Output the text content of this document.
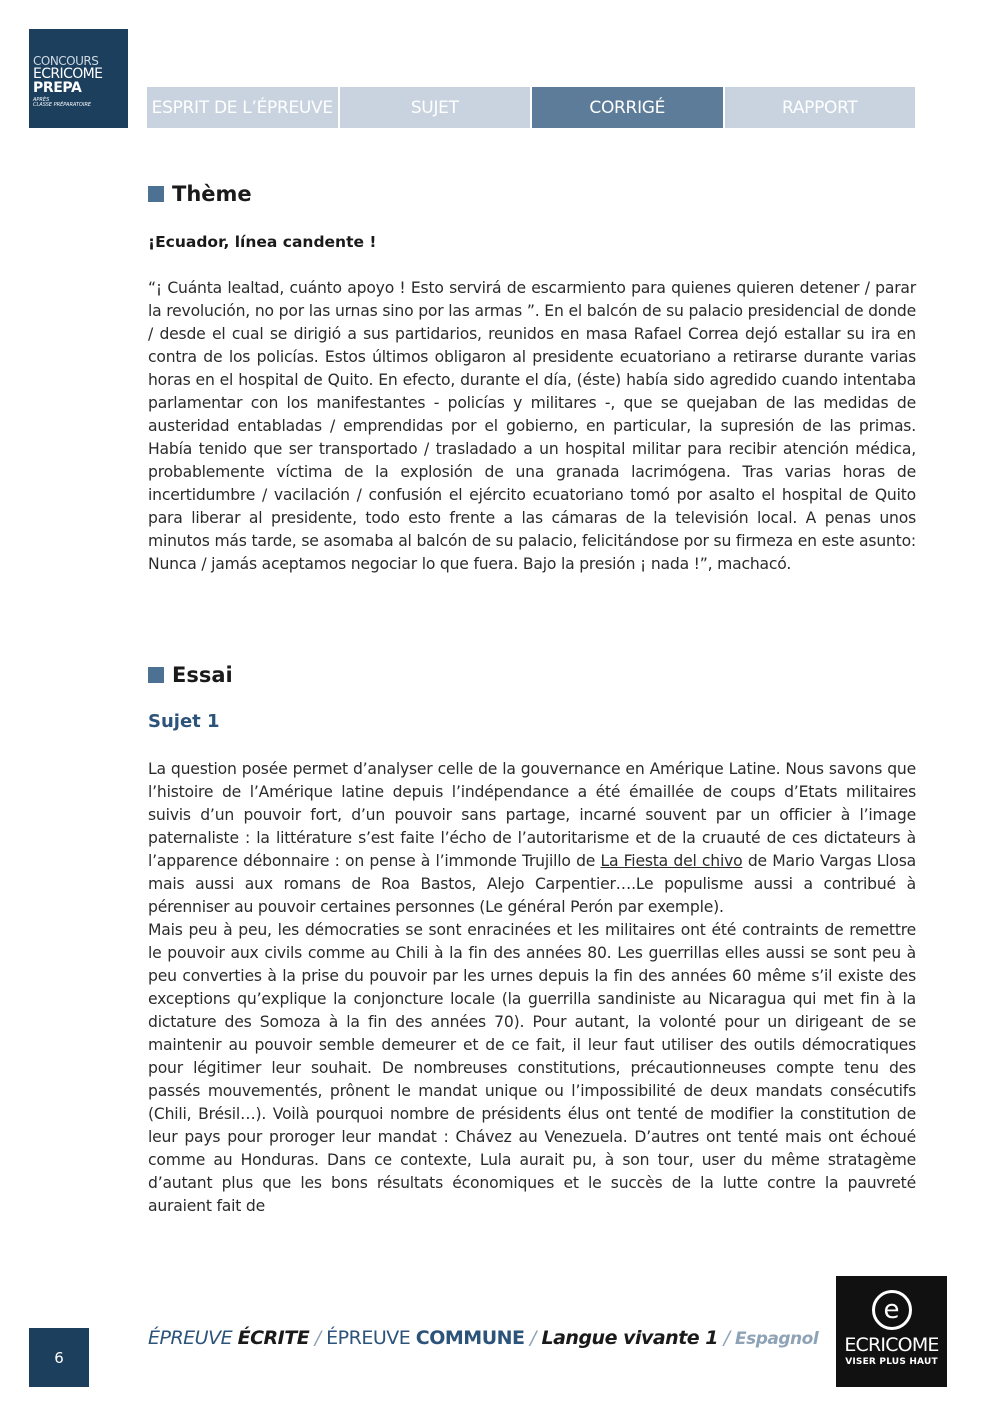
CONCOURS
ECRICOME
PREPA
APRÈS
CLASSE PRÉPARATOIRE	ESPRIT DE L’ÉPREUVE	SUJET	CORRIGÉ	RAPPORT
Thème
¡Ecuador, línea candente !

“¡ Cuánta lealtad, cuánto apoyo ! Esto servirá de escarmiento para quienes quieren detener / parar la revolución, no por las urnas sino por las armas ”. En el balcón de su palacio presidencial de donde / desde el cual se dirigió a sus partidarios, reunidos en masa Rafael Correa dejó estallar su ira en contra de los policías. Estos últimos obligaron al presidente ecuatoriano a retirarse durante varias horas en el hospital de Quito. En efecto, durante el día, (éste) había sido agredido cuando intentaba parlamentar con los manifestantes - policías y militares -, que se quejaban de las medidas de austeridad entabladas / emprendidas por el gobierno, en particular, la supresión de las primas. Había tenido que ser transportado / trasladado a un hospital militar para recibir atención médica, probablemente víctima de la explosión de una granada lacrimógena. Tras varias horas de incertidumbre / vacilación / confusión el ejército ecuatoriano tomó por asalto el hospital de Quito para liberar al presidente, todo esto frente a las cámaras de la televisión local. A penas unos minutos más tarde, se asomaba al balcón de su palacio, felicitándose por su firmeza en este asunto: Nunca / jamás aceptamos negociar lo que fuera. Bajo la presión ¡ nada !”, machacó.

Essai
Sujet 1

La question posée permet d’analyser celle de la gouvernance en Amérique Latine. Nous savons que l’histoire de l’Amérique latine depuis l’indépendance a été émaillée de coups d’Etats militaires suivis d’un pouvoir fort, d’un pouvoir sans partage, incarné souvent par un officier à l’image paternaliste : la littérature s’est faite l’écho de l’autoritarisme et de la cruauté de ces dictateurs à l’apparence débonnaire : on pense à l’immonde Trujillo de La Fiesta del chivo de Mario Vargas Llosa mais aussi aux romans de Roa Bastos, Alejo Carpentier….Le populisme aussi a contribué à pérenniser au pouvoir certaines personnes (Le général Perón par exemple).

Mais peu à peu, les démocraties se sont enracinées et les militaires ont été contraints de remettre le pouvoir aux civils comme au Chili à la fin des années 80. Les guerrillas elles aussi se sont peu à peu converties à la prise du pouvoir par les urnes depuis la fin des années 60 même s’il existe des exceptions qu’explique la conjoncture locale (la guerrilla sandiniste au Nicaragua qui met fin à la dictature des Somoza à la fin des années 70). Pour autant, la volonté pour un dirigeant de se maintenir au pouvoir semble demeurer et de ce fait, il leur faut utiliser des outils démocratiques pour légitimer leur souhait. De nombreuses constitutions, précautionneuses compte tenu des passés mouvementés, prônent le mandat unique ou l’impossibilité de deux mandats consécutifs (Chili, Brésil…). Voilà pourquoi nombre de présidents élus ont tenté de modifier la constitution de leur pays pour proroger leur mandat : Chávez au Venezuela. D’autres ont tenté mais ont échoué comme au Honduras. Dans ce contexte, Lula aurait pu, à son tour, user du même stratagème d’autant plus que les bons résultats économiques et le succès de la lutte contre la pauvreté auraient fait de

6
ÉPREUVE ÉCRITE / ÉPREUVE COMMUNE / Langue vivante 1 / Espagnol
e
ECRICOME
VISER PLUS HAUT
